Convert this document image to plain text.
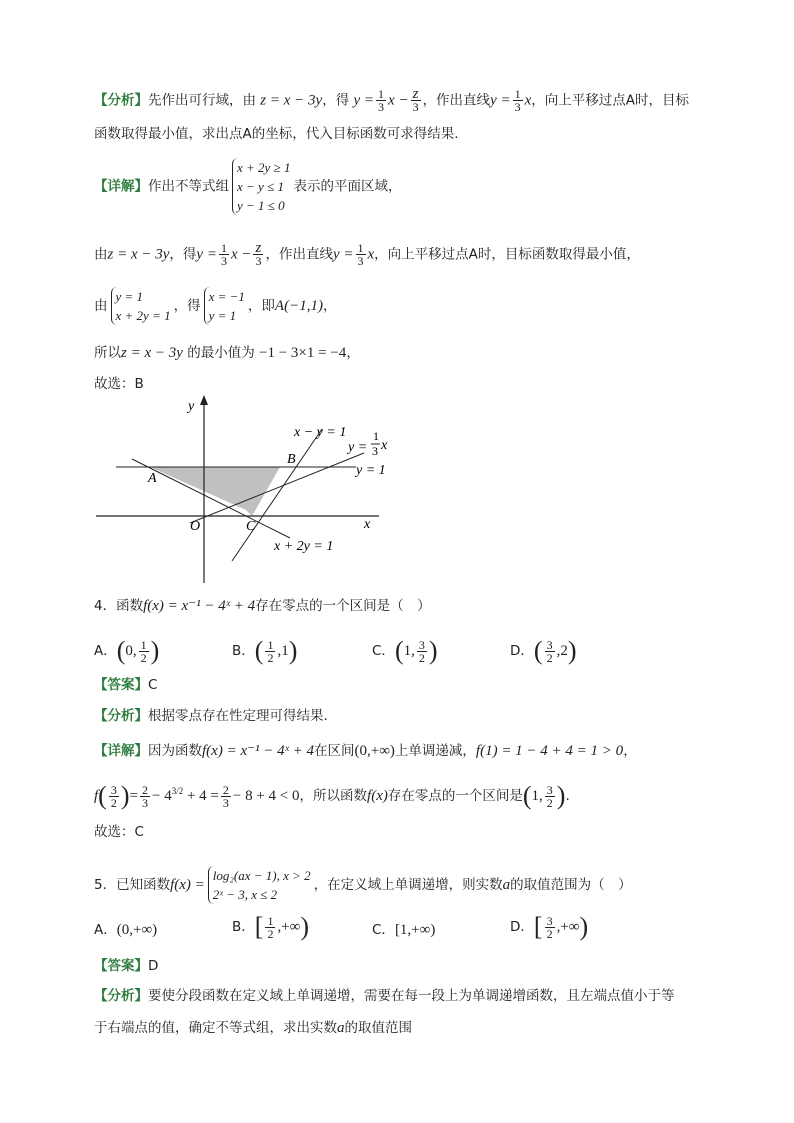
【分析】先作出可行域，由 z = x − 3y，得 $y = \frac{1}{3}$ $x - \frac{z}{3}$ ，作出直线$y = \frac{1}{3}$ x，向上平移过点A时，目标
函数取得最小值，求出点A的坐标，代入目标函数可求得结果.
【详解】作出不等式组
x + 2y ≥ 1
x − y ≤ 1
y − 1 ≤ 0
表示的平面区域，
由z = x − 3y，得$y = \frac{1}{3}$ $x - \frac{z}{3}$ ，作出直线$y = \frac{1}{3}$ x，向上平移过点A时，目标函数取得最小值，
由
y = 1
x + 2y = 1
，得
x = −1
y = 1
，即A(−1,1)，
所以z = x − 3y 的最小值为 −1 − 3×1 = −4，
故选：B
y
x
O
A
B
C
x − y = 1
y =
1
3 x
y = 1
x + 2y = 1
4．函数f(x) = x⁻¹ − 4ˣ + 4存在零点的一个区间是（　）
A．(0, $\frac{1}{2}$ )	B．( $\frac{1}{2} ,1$)	C．(1, $\frac{3}{2}$ )	D．( $\frac{3}{2} ,2$)
【答案】C
【分析】根据零点存在性定理可得结果.
【详解】因为函数f(x) = x⁻¹ − 4ˣ + 4在区间(0,+∞)上单调递减，f(1) = 1 − 4 + 4 = 1 > 0，
$f( \frac{3}{2}$ )= $\frac{2}{3} - 4^{3/2} + 4 = \frac{2}{3} - 8 + 4 < 0$，所以函数f(x)存在零点的一个区间是(1, $\frac{3}{2}$ ).
故选：C
5．已知函数f(x) =
log₂(ax − 1), x > 2
2ˣ − 3, x ≤ 2
，在定义域上单调递增，则实数a的取值范围为（　）
A．(0,+∞)	B．[ $\frac{1}{2}$ ,+∞)	C．[1,+∞)	D．[ $\frac{3}{2}$ ,+∞)
【答案】D
【分析】要使分段函数在定义域上单调递增，需要在每一段上为单调递增函数，且左端点值小于等
于右端点的值，确定不等式组，求出实数a的取值范围
